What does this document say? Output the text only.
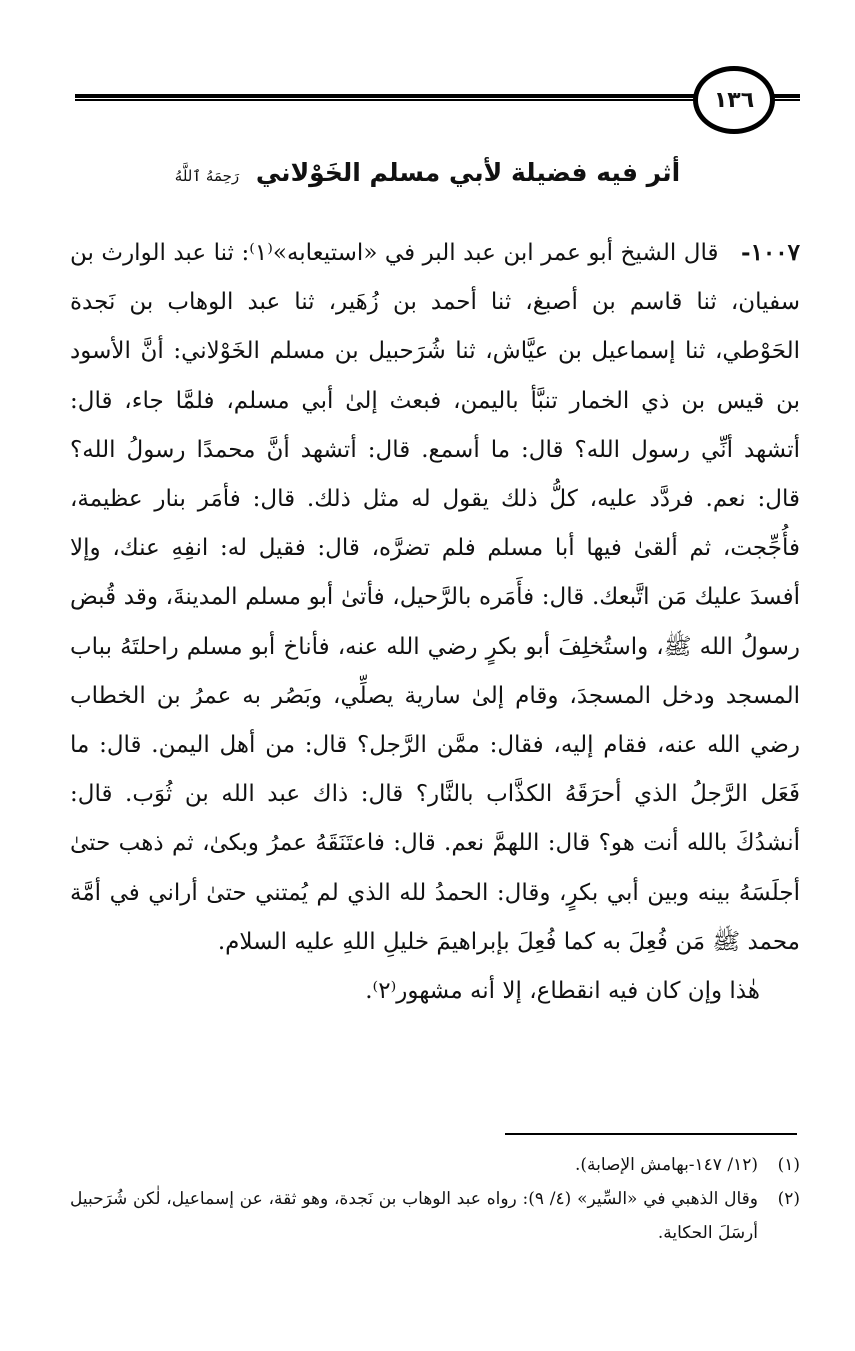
١٣٦
أثر فيه فضيلة لأبي مسلم الخَوْلاني رَحِمَهُ ٱللَّهُ

١٠٠٧-   قال الشيخ أبو عمر ابن عبد البر في «استيعابه»⁽١⁾: ثنا عبد الوارث بن سفيان، ثنا قاسم بن أصبغ، ثنا أحمد بن زُهَير، ثنا عبد الوهاب بن نَجدة الحَوْطي، ثنا إسماعيل بن عيَّاش، ثنا شُرَحبيل بن مسلم الخَوْلاني: أنَّ الأسود بن قيس بن ذي الخمار تنبَّأ باليمن، فبعث إلىٰ أبي مسلم، فلمَّا جاء، قال: أتشهد أنِّي رسول الله؟ قال: ما أسمع. قال: أتشهد أنَّ محمدًا رسولُ الله؟ قال: نعم. فردَّد عليه، كلُّ ذلك يقول له مثل ذلك. قال: فأمَر بنار عظيمة، فأُجِّجت، ثم ألقىٰ فيها أبا مسلم فلم تضرَّه، قال: فقيل له: انفِهِ عنك، وإلا أفسدَ عليك مَن اتَّبعك. قال: فأَمَره بالرَّحيل، فأتىٰ أبو مسلم المدينةَ، وقد قُبض رسولُ الله ﷺ، واستُخلِفَ أبو بكرٍ رضي الله عنه، فأناخ أبو مسلم راحلتَهُ بباب المسجد ودخل المسجدَ، وقام إلىٰ سارية يصلِّي، وبَصُر به عمرُ بن الخطاب رضي الله عنه، فقام إليه، فقال: ممَّن الرَّجل؟ قال: من أهل اليمن. قال: ما فَعَل الرَّجلُ الذي أحرَقَهُ الكذَّاب بالنَّار؟ قال: ذاك عبد الله بن ثُوَب. قال: أنشدُكَ بالله أنت هو؟ قال: اللهمَّ نعم. قال: فاعتَنَقَهُ عمرُ وبكىٰ، ثم ذهب حتىٰ أجلَسَهُ بينه وبين أبي بكرٍ، وقال: الحمدُ لله الذي لم يُمتني حتىٰ أراني في أمَّة محمد ﷺ مَن فُعِلَ به كما فُعِلَ بإبراهيمَ خليلِ اللهِ عليه السلام.

هٰذا وإن كان فيه انقطاع، إلا أنه مشهور⁽٢⁾.

(١)
(١٢/ ١٤٧-بهامش الإصابة).
(٢)
وقال الذهبي في «السِّير» (٤/ ٩): رواه عبد الوهاب بن نَجدة، وهو ثقة، عن إسماعيل، لٰكن شُرَحبيل أرسَلَ الحكاية.
